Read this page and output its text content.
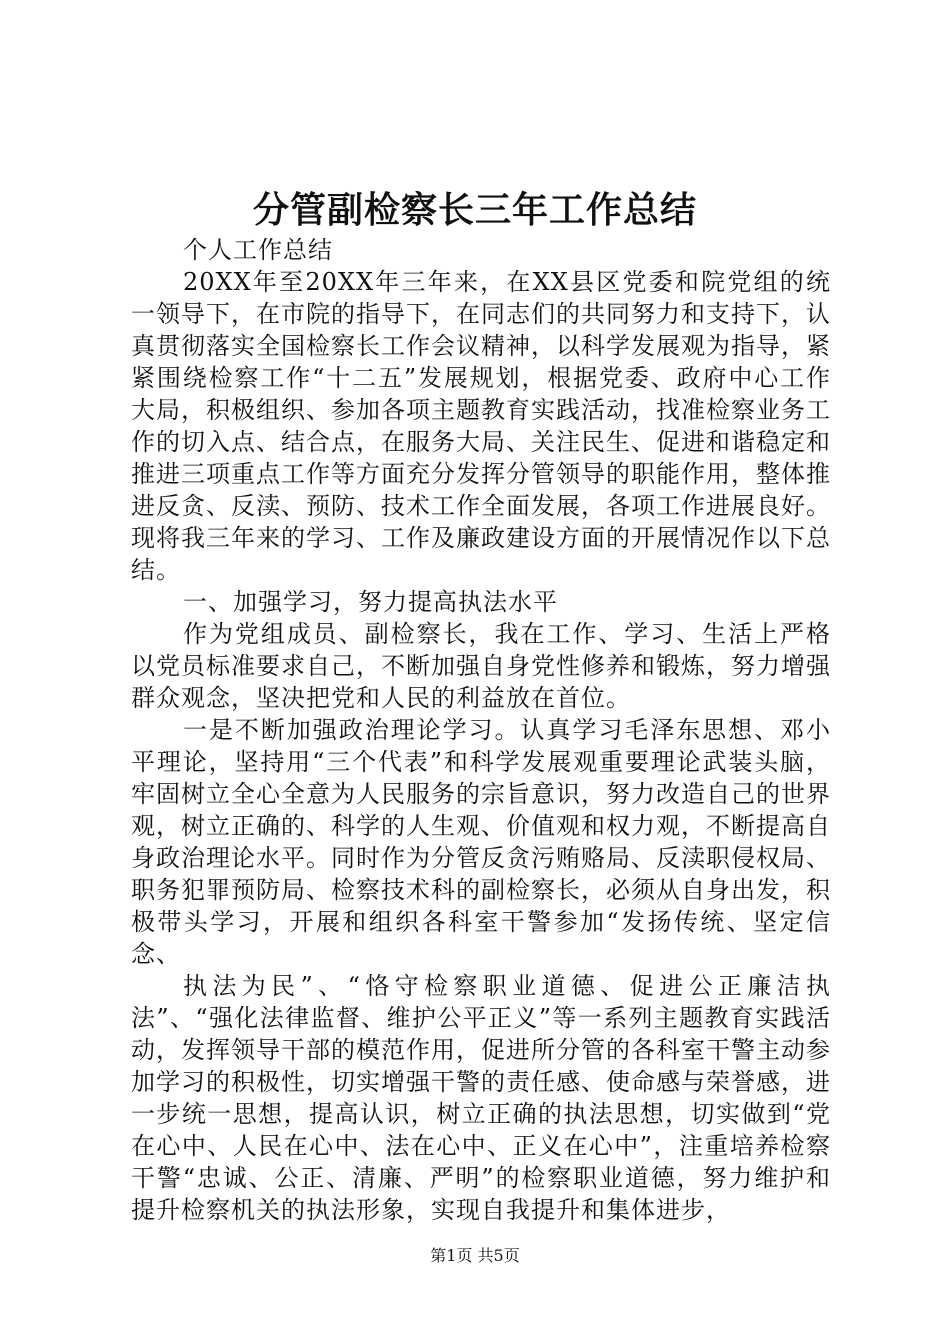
分管副检察长三年工作总结

个人工作总结

20XX年至20XX年三年来，在XX县区党委和院党组的统一领导下，在市院的指导下，在同志们的共同努力和支持下，认真贯彻落实全国检察长工作会议精神，以科学发展观为指导，紧紧围绕检察工作“十二五”发展规划，根据党委、政府中心工作大局，积极组织、参加各项主题教育实践活动，找准检察业务工作的切入点、结合点，在服务大局、关注民生、促进和谐稳定和推进三项重点工作等方面充分发挥分管领导的职能作用，整体推进反贪、反渎、预防、技术工作全面发展，各项工作进展良好。现将我三年来的学习、工作及廉政建设方面的开展情况作以下总结。

一、加强学习，努力提高执法水平

作为党组成员、副检察长，我在工作、学习、生活上严格以党员标准要求自己，不断加强自身党性修养和锻炼，努力增强群众观念，坚决把党和人民的利益放在首位。

一是不断加强政治理论学习。认真学习毛泽东思想、邓小平理论，坚持用“三个代表”和科学发展观重要理论武装头脑，牢固树立全心全意为人民服务的宗旨意识，努力改造自己的世界观，树立正确的、科学的人生观、价值观和权力观，不断提高自身政治理论水平。同时作为分管反贪污贿赂局、反渎职侵权局、职务犯罪预防局、检察技术科的副检察长，必须从自身出发，积极带头学习，开展和组织各科室干警参加“发扬传统、坚定信念、

执法为民”、“恪守检察职业道德、促进公正廉洁执法”、“强化法律监督、维护公平正义”等一系列主题教育实践活动，发挥领导干部的模范作用，促进所分管的各科室干警主动参加学习的积极性，切实增强干警的责任感、使命感与荣誉感，进一步统一思想，提高认识，树立正确的执法思想，切实做到“党在心中、人民在心中、法在心中、正义在心中”，注重培养检察干警“忠诚、公正、清廉、严明”的检察职业道德，努力维护和提升检察机关的执法形象，实现自我提升和集体进步，

第1页 共5页
